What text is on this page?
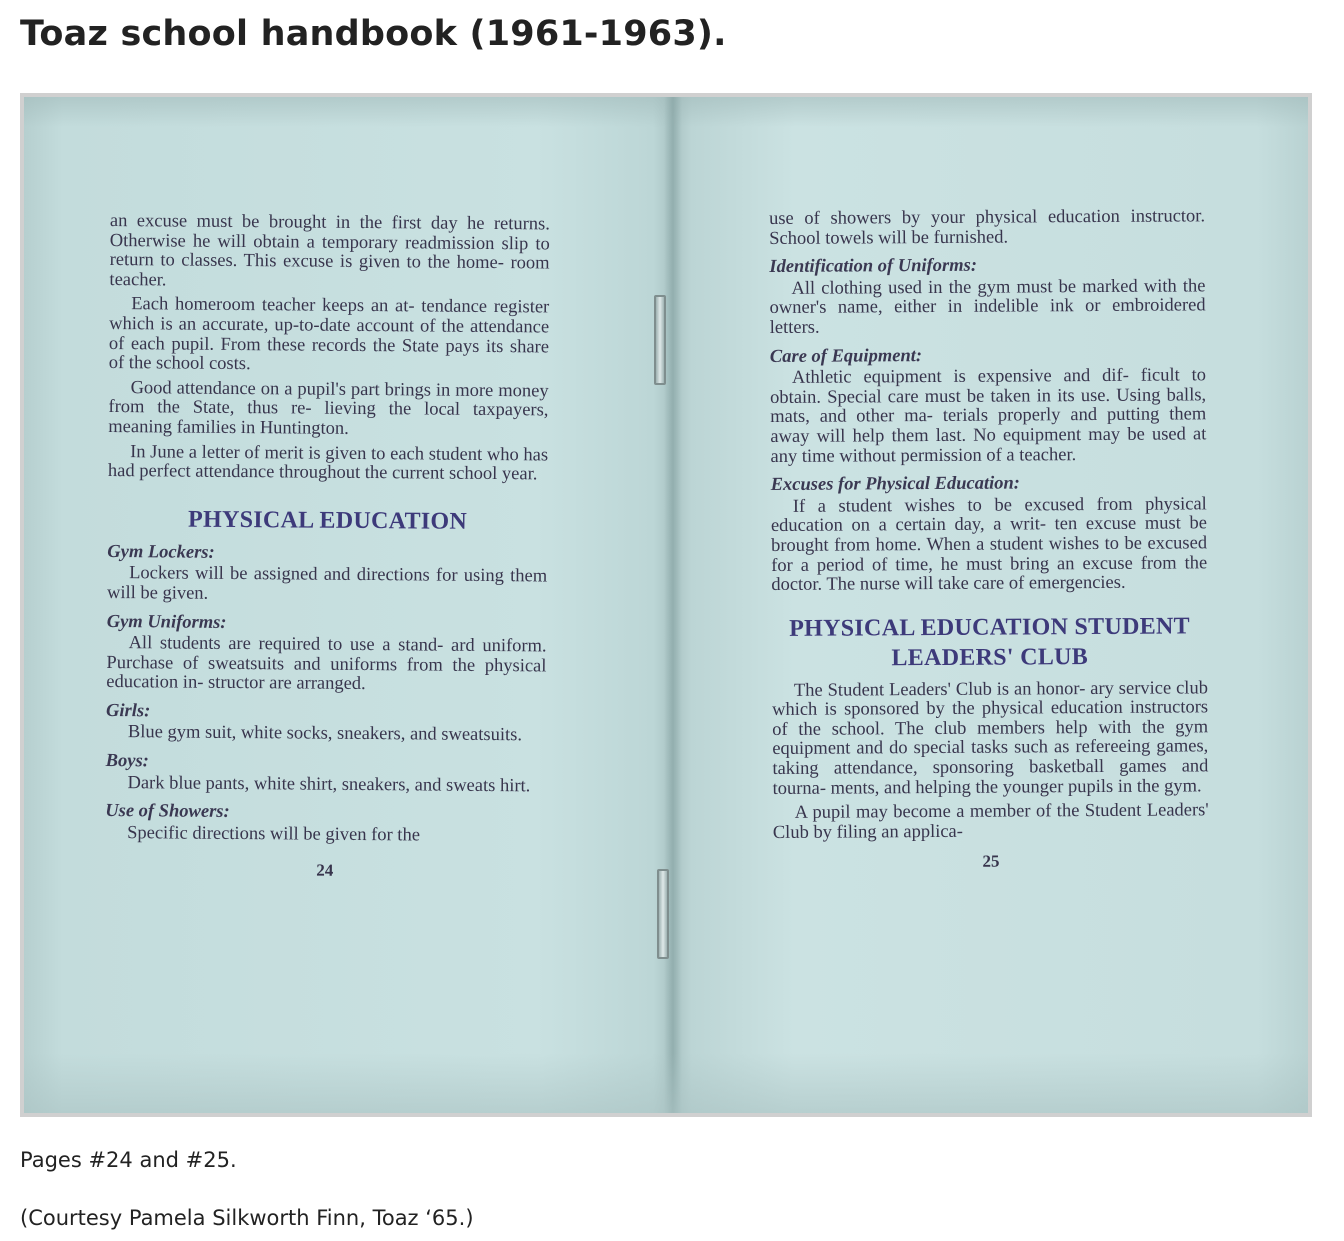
Toaz school handbook (1961-1963).

an excuse must be brought in the first day he returns. Otherwise he will obtain a temporary readmission slip to return to classes. This excuse is given to the home- room teacher.

Each homeroom teacher keeps an at- tendance register which is an accurate, up-to-date account of the attendance of each pupil. From these records the State pays its share of the school costs.

Good attendance on a pupil's part brings in more money from the State, thus re- lieving the local taxpayers, meaning families in Huntington.

In June a letter of merit is given to each student who has had perfect attendance throughout the current school year.

PHYSICAL EDUCATION
Gym Lockers:

Lockers will be assigned and directions for using them will be given.

Gym Uniforms:

All students are required to use a stand- ard uniform. Purchase of sweatsuits and uniforms from the physical education in- structor are arranged.

Girls:

Blue gym suit, white socks, sneakers, and sweatsuits.

Boys:

Dark blue pants, white shirt, sneakers, and sweats hirt.

Use of Showers:

Specific directions will be given for the

24

use of showers by your physical education instructor. School towels will be furnished.

Identification of Uniforms:

All clothing used in the gym must be marked with the owner's name, either in indelible ink or embroidered letters.

Care of Equipment:

Athletic equipment is expensive and dif- ficult to obtain. Special care must be taken in its use. Using balls, mats, and other ma- terials properly and putting them away will help them last. No equipment may be used at any time without permission of a teacher.

Excuses for Physical Education:

If a student wishes to be excused from physical education on a certain day, a writ- ten excuse must be brought from home. When a student wishes to be excused for a period of time, he must bring an excuse from the doctor. The nurse will take care of emergencies.

PHYSICAL EDUCATION STUDENT
LEADERS' CLUB

The Student Leaders' Club is an honor- ary service club which is sponsored by the physical education instructors of the school. The club members help with the gym equipment and do special tasks such as refereeing games, taking attendance, sponsoring basketball games and tourna- ments, and helping the younger pupils in the gym.

A pupil may become a member of the Student Leaders' Club by filing an applica-

25

Pages #24 and #25.

(Courtesy Pamela Silkworth Finn, Toaz ‘65.)
